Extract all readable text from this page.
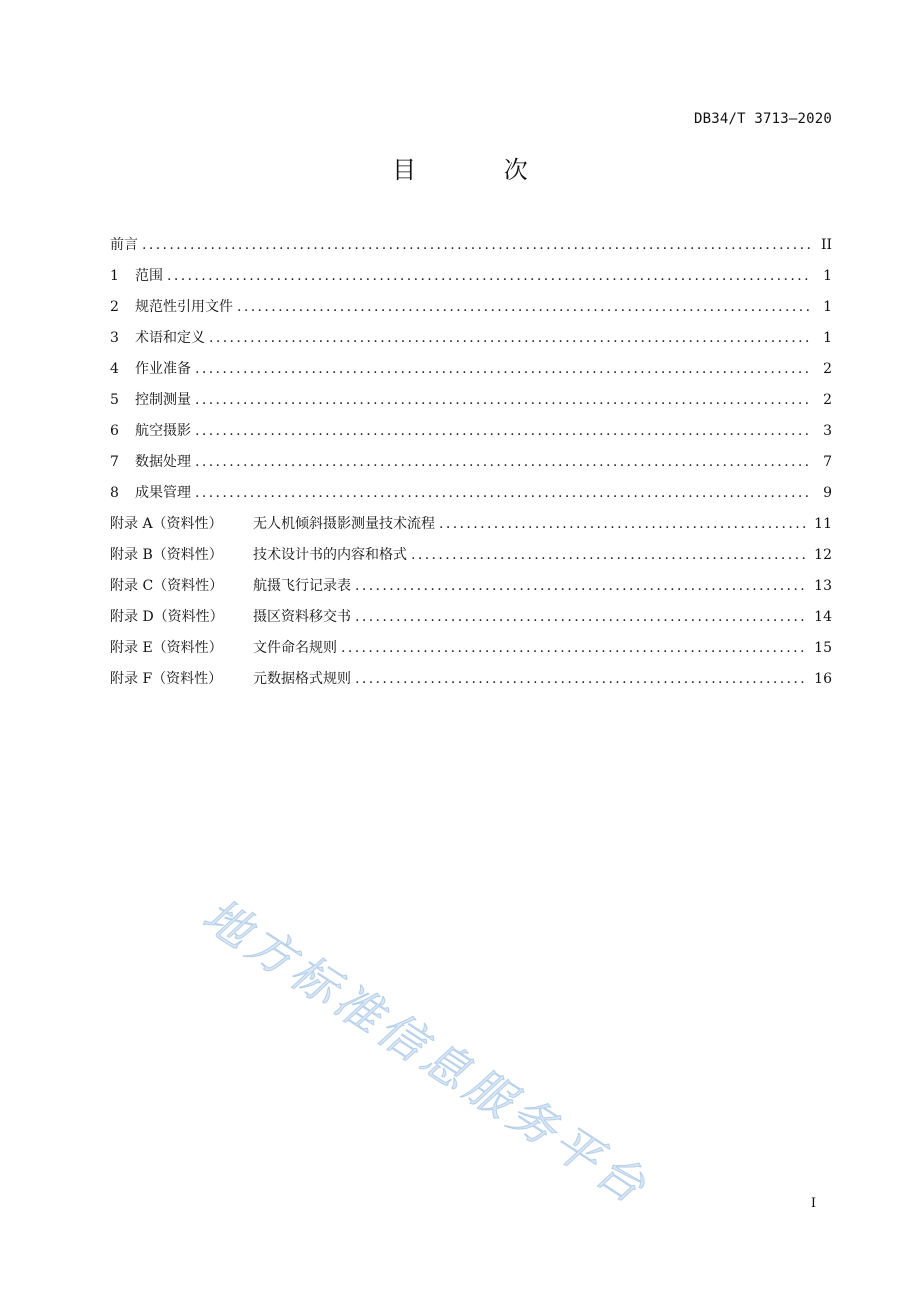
DB34/T 3713—2020
目 次
前言 .....	II
1	范围 .....	1
2	规范性引用文件 .....	1
3	术语和定义 .....	1
4	作业准备 .....	2
5	控制测量 .....	2
6	航空摄影 .....	3
7	数据处理 .....	7
8	成果管理 .....	9
附录 A（资料性）	无人机倾斜摄影测量技术流程 .....	11
附录 B（资料性）	技术设计书的内容和格式 .....	12
附录 C（资料性）	航摄飞行记录表 .....	13
附录 D（资料性）	摄区资料移交书 .....	14
附录 E（资料性）	文件命名规则 .....	15
附录 F（资料性）	元数据格式规则 .....	16
地方标准信息服务平台	I
